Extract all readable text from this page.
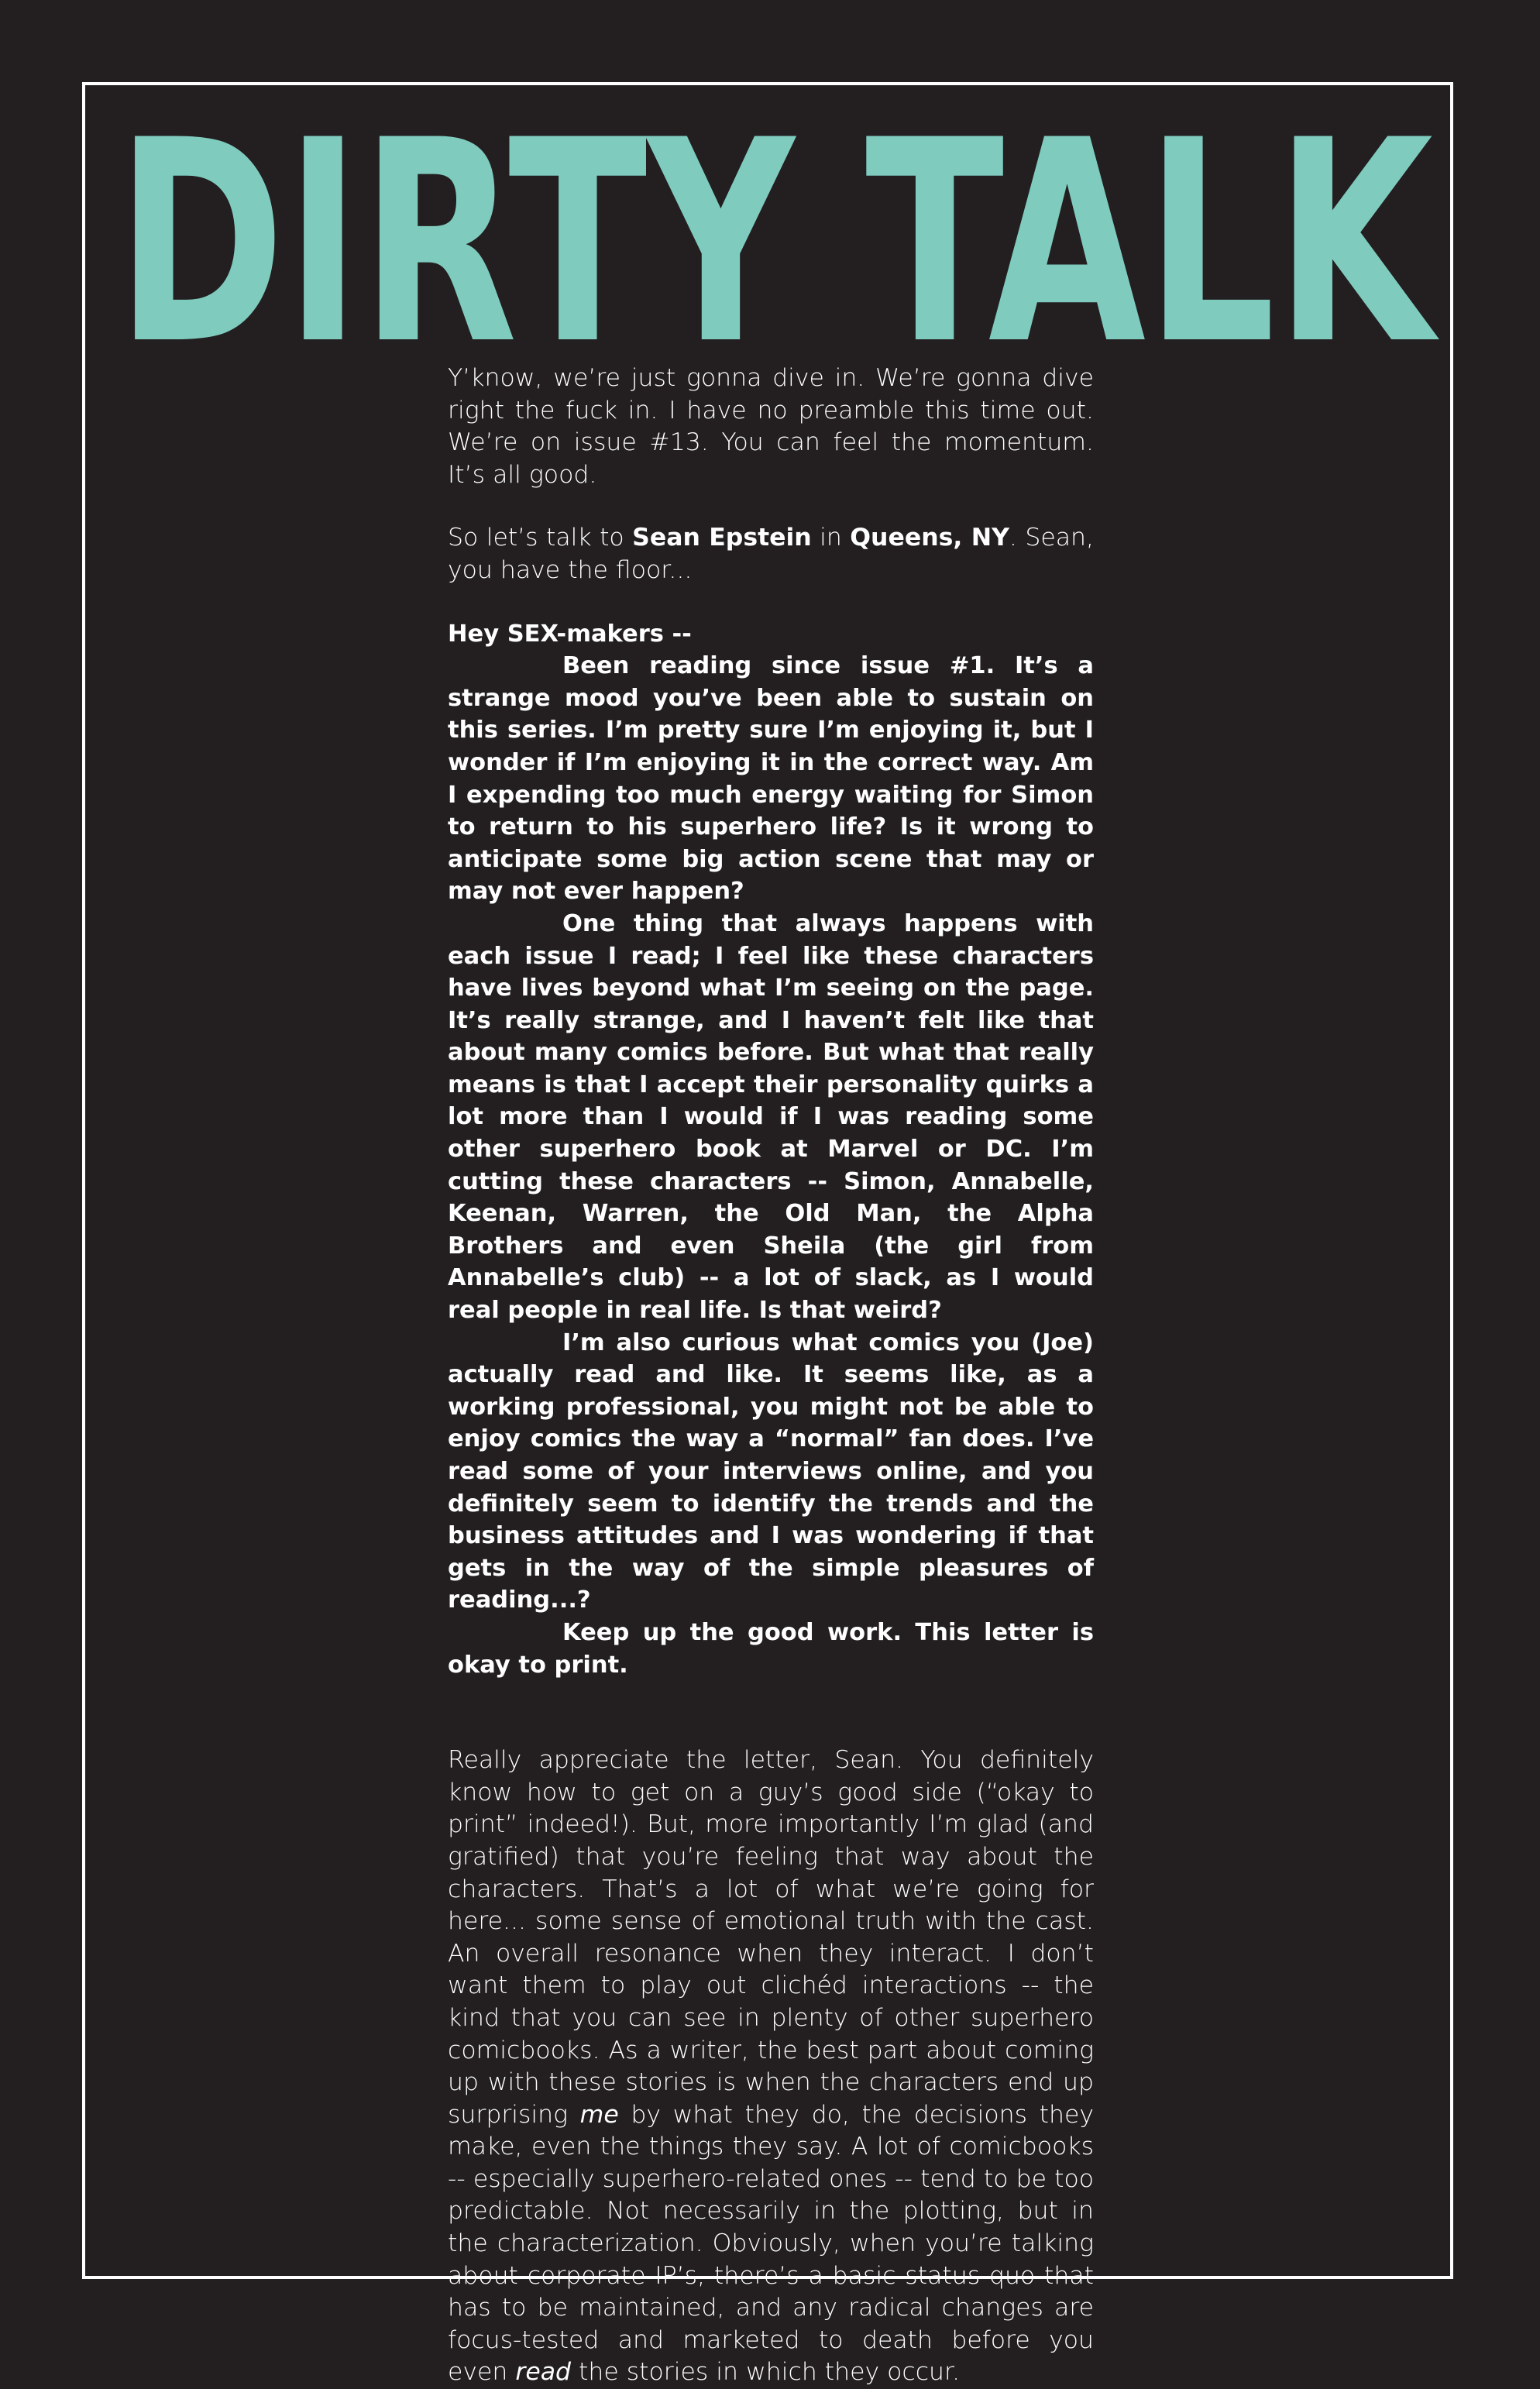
DIRTY TALK

Y’know, we’re just gonna dive in. We’re gonna dive right the fuck in. I have no preamble this time out. We’re on issue #13. You can feel the momentum. It’s all good.

So let’s talk to Sean Epstein in Queens, NY. Sean, you have the floor...

Hey SEX-makers --

Been reading since issue #1. It’s a strange mood you’ve been able to sustain on this series. I’m pretty sure I’m enjoying it, but I wonder if I’m enjoying it in the correct way. Am I expending too much energy waiting for Simon to return to his superhero life? Is it wrong to anticipate some big action scene that may or may not ever happen?

One thing that always happens with each issue I read; I feel like these characters have lives beyond what I’m seeing on the page. It’s really strange, and I haven’t felt like that about many comics before. But what that really means is that I accept their personality quirks a lot more than I would if I was reading some other superhero book at Marvel or DC. I’m cutting these characters -- Simon, Annabelle, Keenan, Warren, the Old Man, the Alpha Brothers and even Sheila (the girl from Annabelle’s club) -- a lot of slack, as I would real people in real life. Is that weird?

I’m also curious what comics you (Joe) actually read and like. It seems like, as a working professional, you might not be able to enjoy comics the way a “normal” fan does. I’ve read some of your interviews online, and you definitely seem to identify the trends and the business attitudes and I was wondering if that gets in the way of the simple pleasures of reading...?

Keep up the good work. This letter is okay to print.

Really appreciate the letter, Sean. You definitely know how to get on a guy’s good side (“okay to print” indeed!). But, more importantly I’m glad (and gratified) that you’re feeling that way about the characters. That’s a lot of what we’re going for here... some sense of emotional truth with the cast. An overall resonance when they interact. I don’t want them to play out clichéd interactions -- the kind that you can see in plenty of other superhero comicbooks. As a writer, the best part about coming up with these stories is when the characters end up surprising me by what they do, the decisions they make, even the things they say. A lot of comicbooks -- especially superhero-related ones -- tend to be too predictable. Not necessarily in the plotting, but in the characterization. Obviously, when you’re talking about corporate IP’s, there’s a basic status quo that has to be maintained, and any radical changes are focus-tested and marketed to death before you even read the stories in which they occur.
